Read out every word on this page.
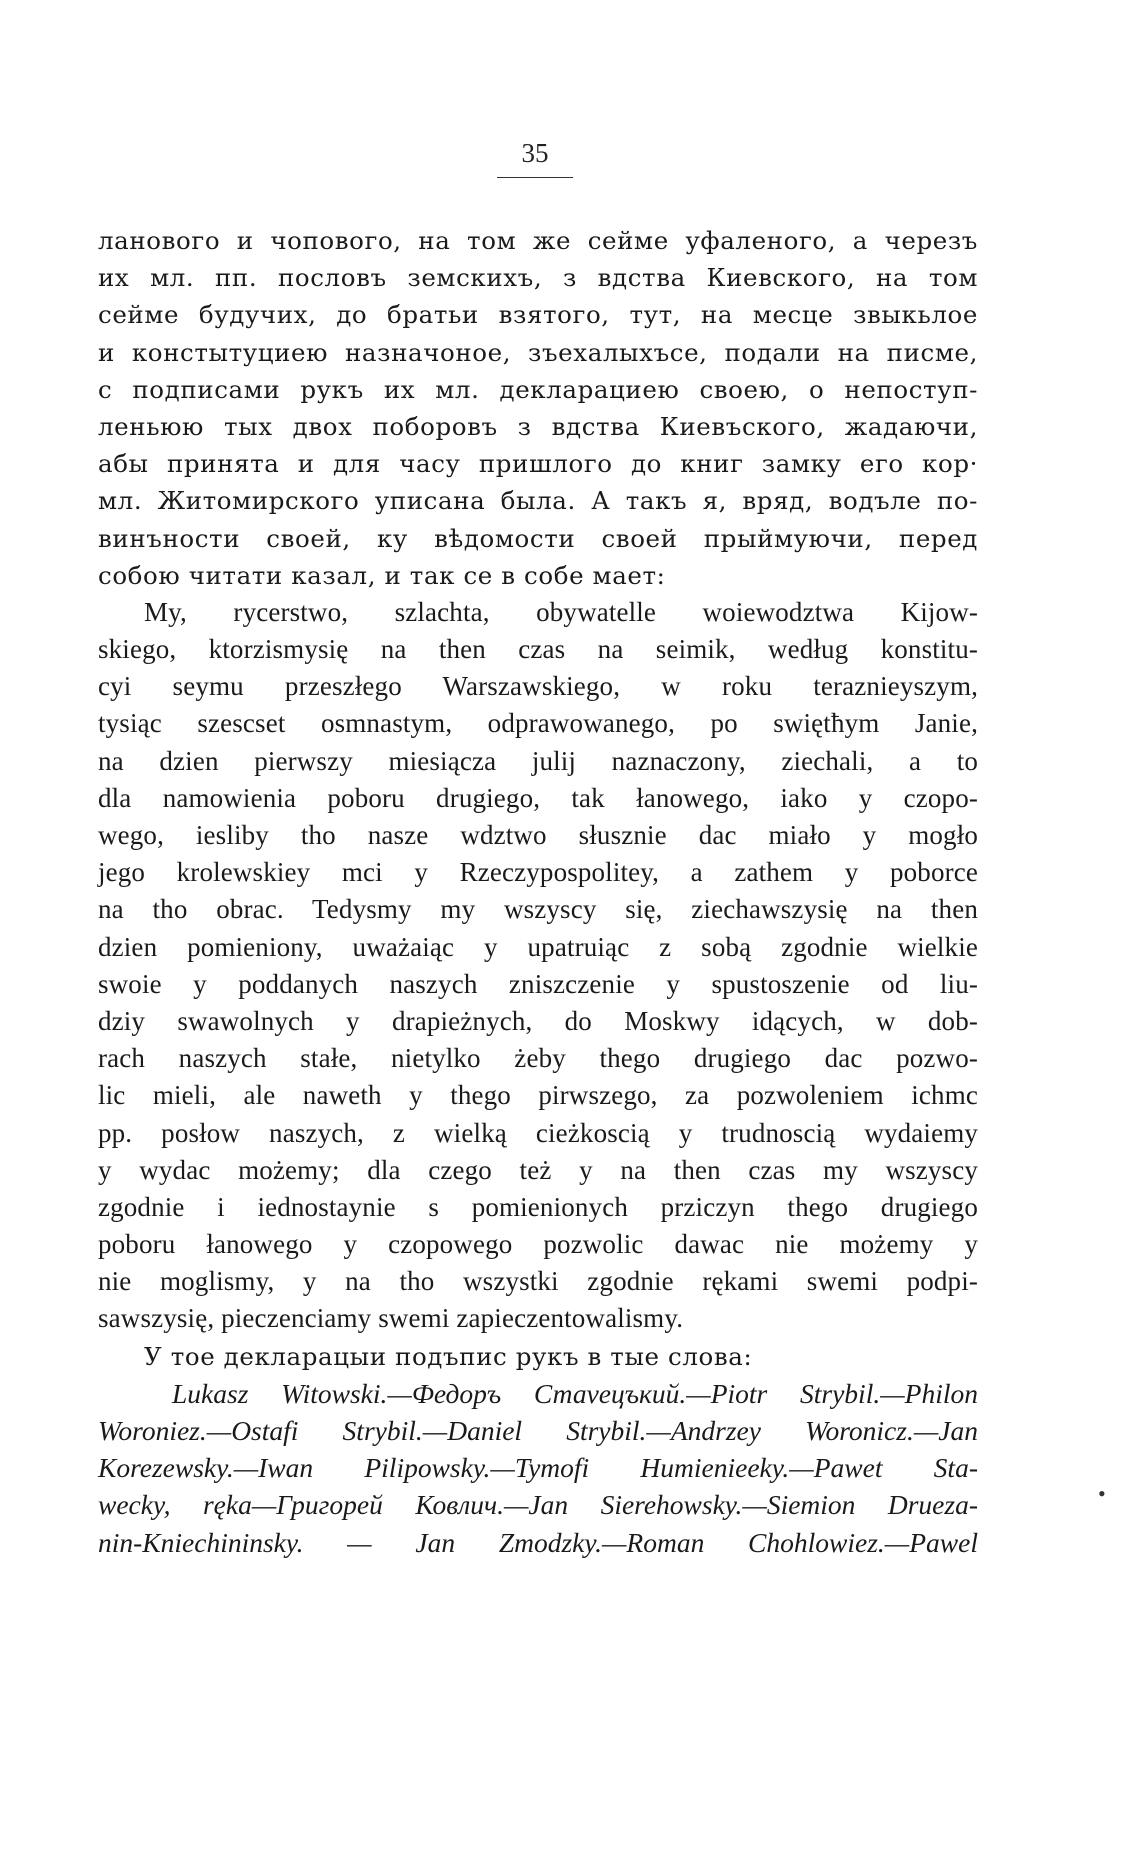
35
ланового и чопового, на том же сейме уфаленого, а черезъ
их мл. пп. пословъ земскихъ, з вдства Киевского, на том
сейме будучих, до братьи взятого, тут, на месце звыкьлое
и констытуциею назначоное, зъехалыхъсе, подали на писме,
с подписами рукъ их мл. декларациею своею, о непоступ-
леньюю тых двох поборовъ з вдства Киевъского, жадаючи,
абы принята и для часу пришлого до книг замку его кор·
мл. Житомирского уписана была. А такъ я, вряд, водъле по-
винъности своей, ку вѣдомости своей прыймуючи, перед
собою читати казал, и так се в собе мает:
My, rycerstwo, szlachta, obywatelle woiewodztwa Kijow-
skiego, ktorzismysię na then czas na seimik, według konstitu-
cyi seymu przeszłego Warszawskiego, w roku teraznieyszym,
tysiąc szescset osmnastym, odprawowanego, po swiętħym Janie,
na dzien pierwszy miesiącza julij naznaczony, ziechali, a to
dla namowienia poboru drugiego, tak łanowego, iako y czopo-
wego, iesliby tho nasze wdztwo słusznie dac miało y mogło
jego krolewskiey mci y Rzeczypospolitey, a zathem y poborce
na tho obrac. Tedysmy my wszyscy się, ziechawszysię na then
dzien pomieniony, uważaiąc y upatruiąc z sobą zgodnie wielkie
swoie y poddanych naszych zniszczenie y spustoszenie od liu-
dziy swawolnych y drapieżnych, do Moskwy idących, w dob-
rach naszych stałe, nietylko żeby thego drugiego dac pozwo-
lic mieli, ale naweth y thego pirwszego, za pozwoleniem ichmc
pp. posłow naszych, z wielką cieżkoscią y trudnoscią wydaiemy
y wydac możemy; dla czego też y na then czas my wszyscy
zgodnie i iednostaynie s pomienionych prziczyn thego drugiego
poboru łanowego y czopowego pozwolic dawac nie możemy y
nie moglismy, y na tho wszystki zgodnie rękami swemi podpi-
sawszysię, pieczenciamy swemi zapieczentowalismy.
У тое декларацыи подъпис рукъ в тые слова:
Lukasz Witowski.—Федоръ Стаveцъкий.—Piotr Strybil.—Philon
Woroniez.—Ostafi Strybil.—Daniel Strybil.—Andrzey Woronicz.—Jan
Korezewsky.—Iwan Pilipowsky.—Tymofi Humienieeky.—Pawet Sta-
wecky, ręka—Григорей Ковлич.—Jan Sierehowsky.—Siemion Drueza-
nin-Kniechininsky. — Jan Zmodzky.—Roman Chohlowiez.—Pawel
•
